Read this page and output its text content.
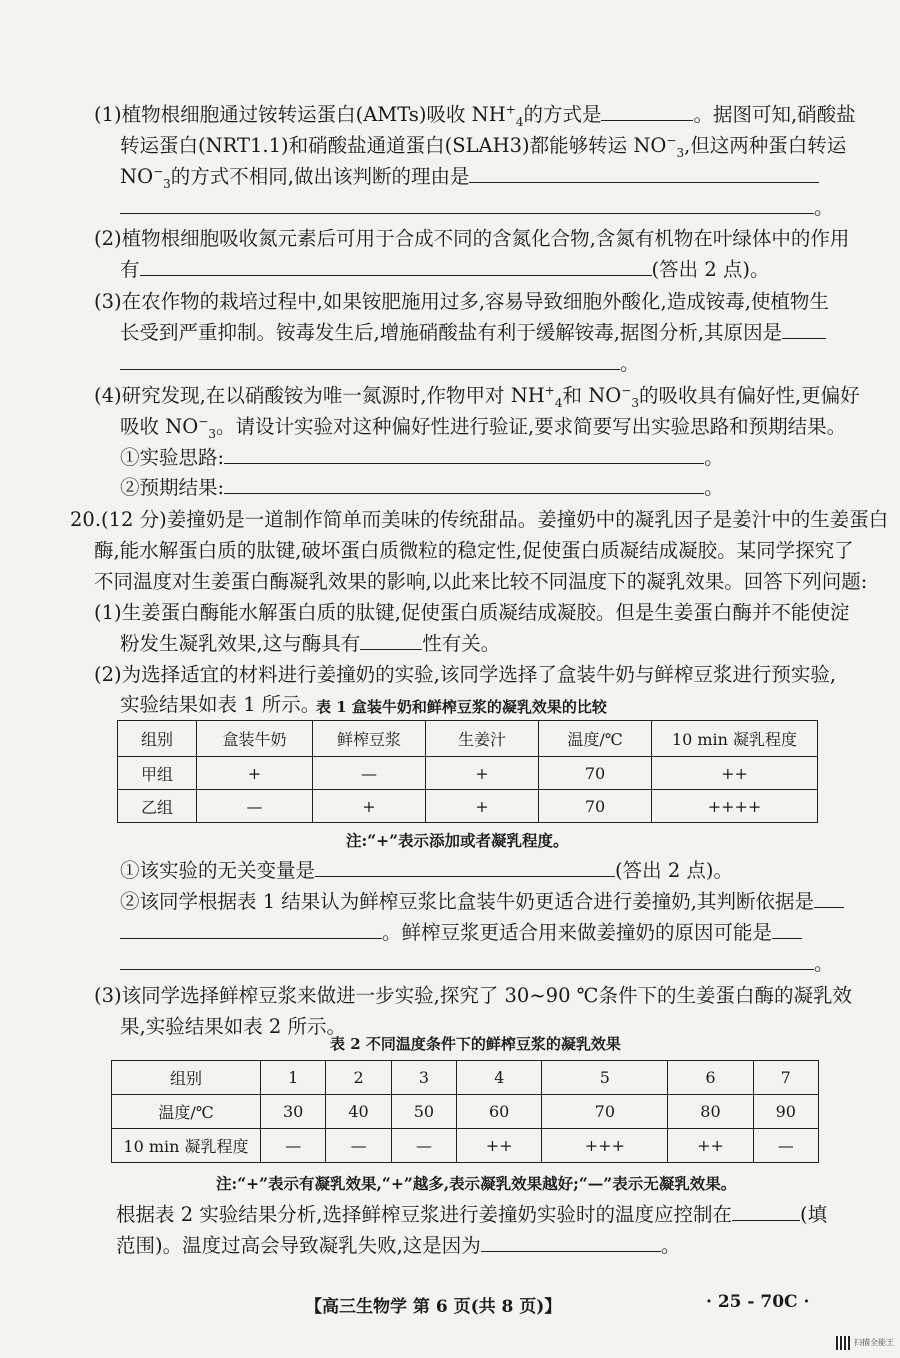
(1)植物根细胞通过铵转运蛋白(AMTs)吸收 $NH^+_4$的方式是	。据图可知,硝酸盐
转运蛋白(NRT1.1)和硝酸盐通道蛋白(SLAH3)都能够转运 $NO^-_3$,但这两种蛋白转运
$NO^-_3$的方式不相同,做出该判断的理由是
。
(2)植物根细胞吸收氮元素后可用于合成不同的含氮化合物,含氮有机物在叶绿体中的作用
有	(答出 2 点)。
(3)在农作物的栽培过程中,如果铵肥施用过多,容易导致细胞外酸化,造成铵毒,使植物生
长受到严重抑制。铵毒发生后,增施硝酸盐有利于缓解铵毒,据图分析,其原因是
。
(4)研究发现,在以硝酸铵为唯一氮源时,作物甲对 $NH^+_4$和 $NO^-_3$的吸收具有偏好性,更偏好
吸收 $NO^-_3$。请设计实验对这种偏好性进行验证,要求简要写出实验思路和预期结果。
①实验思路:	。
②预期结果:	。
20.(12 分)姜撞奶是一道制作简单而美味的传统甜品。姜撞奶中的凝乳因子是姜汁中的生姜蛋白
酶,能水解蛋白质的肽键,破坏蛋白质微粒的稳定性,促使蛋白质凝结成凝胶。某同学探究了
不同温度对生姜蛋白酶凝乳效果的影响,以此来比较不同温度下的凝乳效果。回答下列问题:
(1)生姜蛋白酶能水解蛋白质的肽键,促使蛋白质凝结成凝胶。但是生姜蛋白酶并不能使淀
粉发生凝乳效果,这与酶具有	性有关。
(2)为选择适宜的材料进行姜撞奶的实验,该同学选择了盒装牛奶与鲜榨豆浆进行预实验,
实验结果如表 1 所示。
表 1 盒装牛奶和鲜榨豆浆的凝乳效果的比较
组别	盒装牛奶	鲜榨豆浆	生姜汁	温度/℃	10 min 凝乳程度
甲组	+	—	+	70	++
乙组	—	+	+	70	++++
注:“+”表示添加或者凝乳程度。
①该实验的无关变量是	(答出 2 点)。
②该同学根据表 1 结果认为鲜榨豆浆比盒装牛奶更适合进行姜撞奶,其判断依据是
。鲜榨豆浆更适合用来做姜撞奶的原因可能是
。
(3)该同学选择鲜榨豆浆来做进一步实验,探究了 30~90 ℃条件下的生姜蛋白酶的凝乳效
果,实验结果如表 2 所示。
表 2 不同温度条件下的鲜榨豆浆的凝乳效果
组别	1	2	3	4	5	6	7
温度/℃	30	40	50	60	70	80	90
10 min 凝乳程度	—	—	—	++	+++	++	—
注:“+”表示有凝乳效果,“+”越多,表示凝乳效果越好;“—”表示无凝乳效果。
根据表 2 实验结果分析,选择鲜榨豆浆进行姜撞奶实验时的温度应控制在	(填
范围)。温度过高会导致凝乳失败,这是因为	。
【高三生物学 第 6 页(共 8 页)】	· 25 - 70C ·
扫描全能王
